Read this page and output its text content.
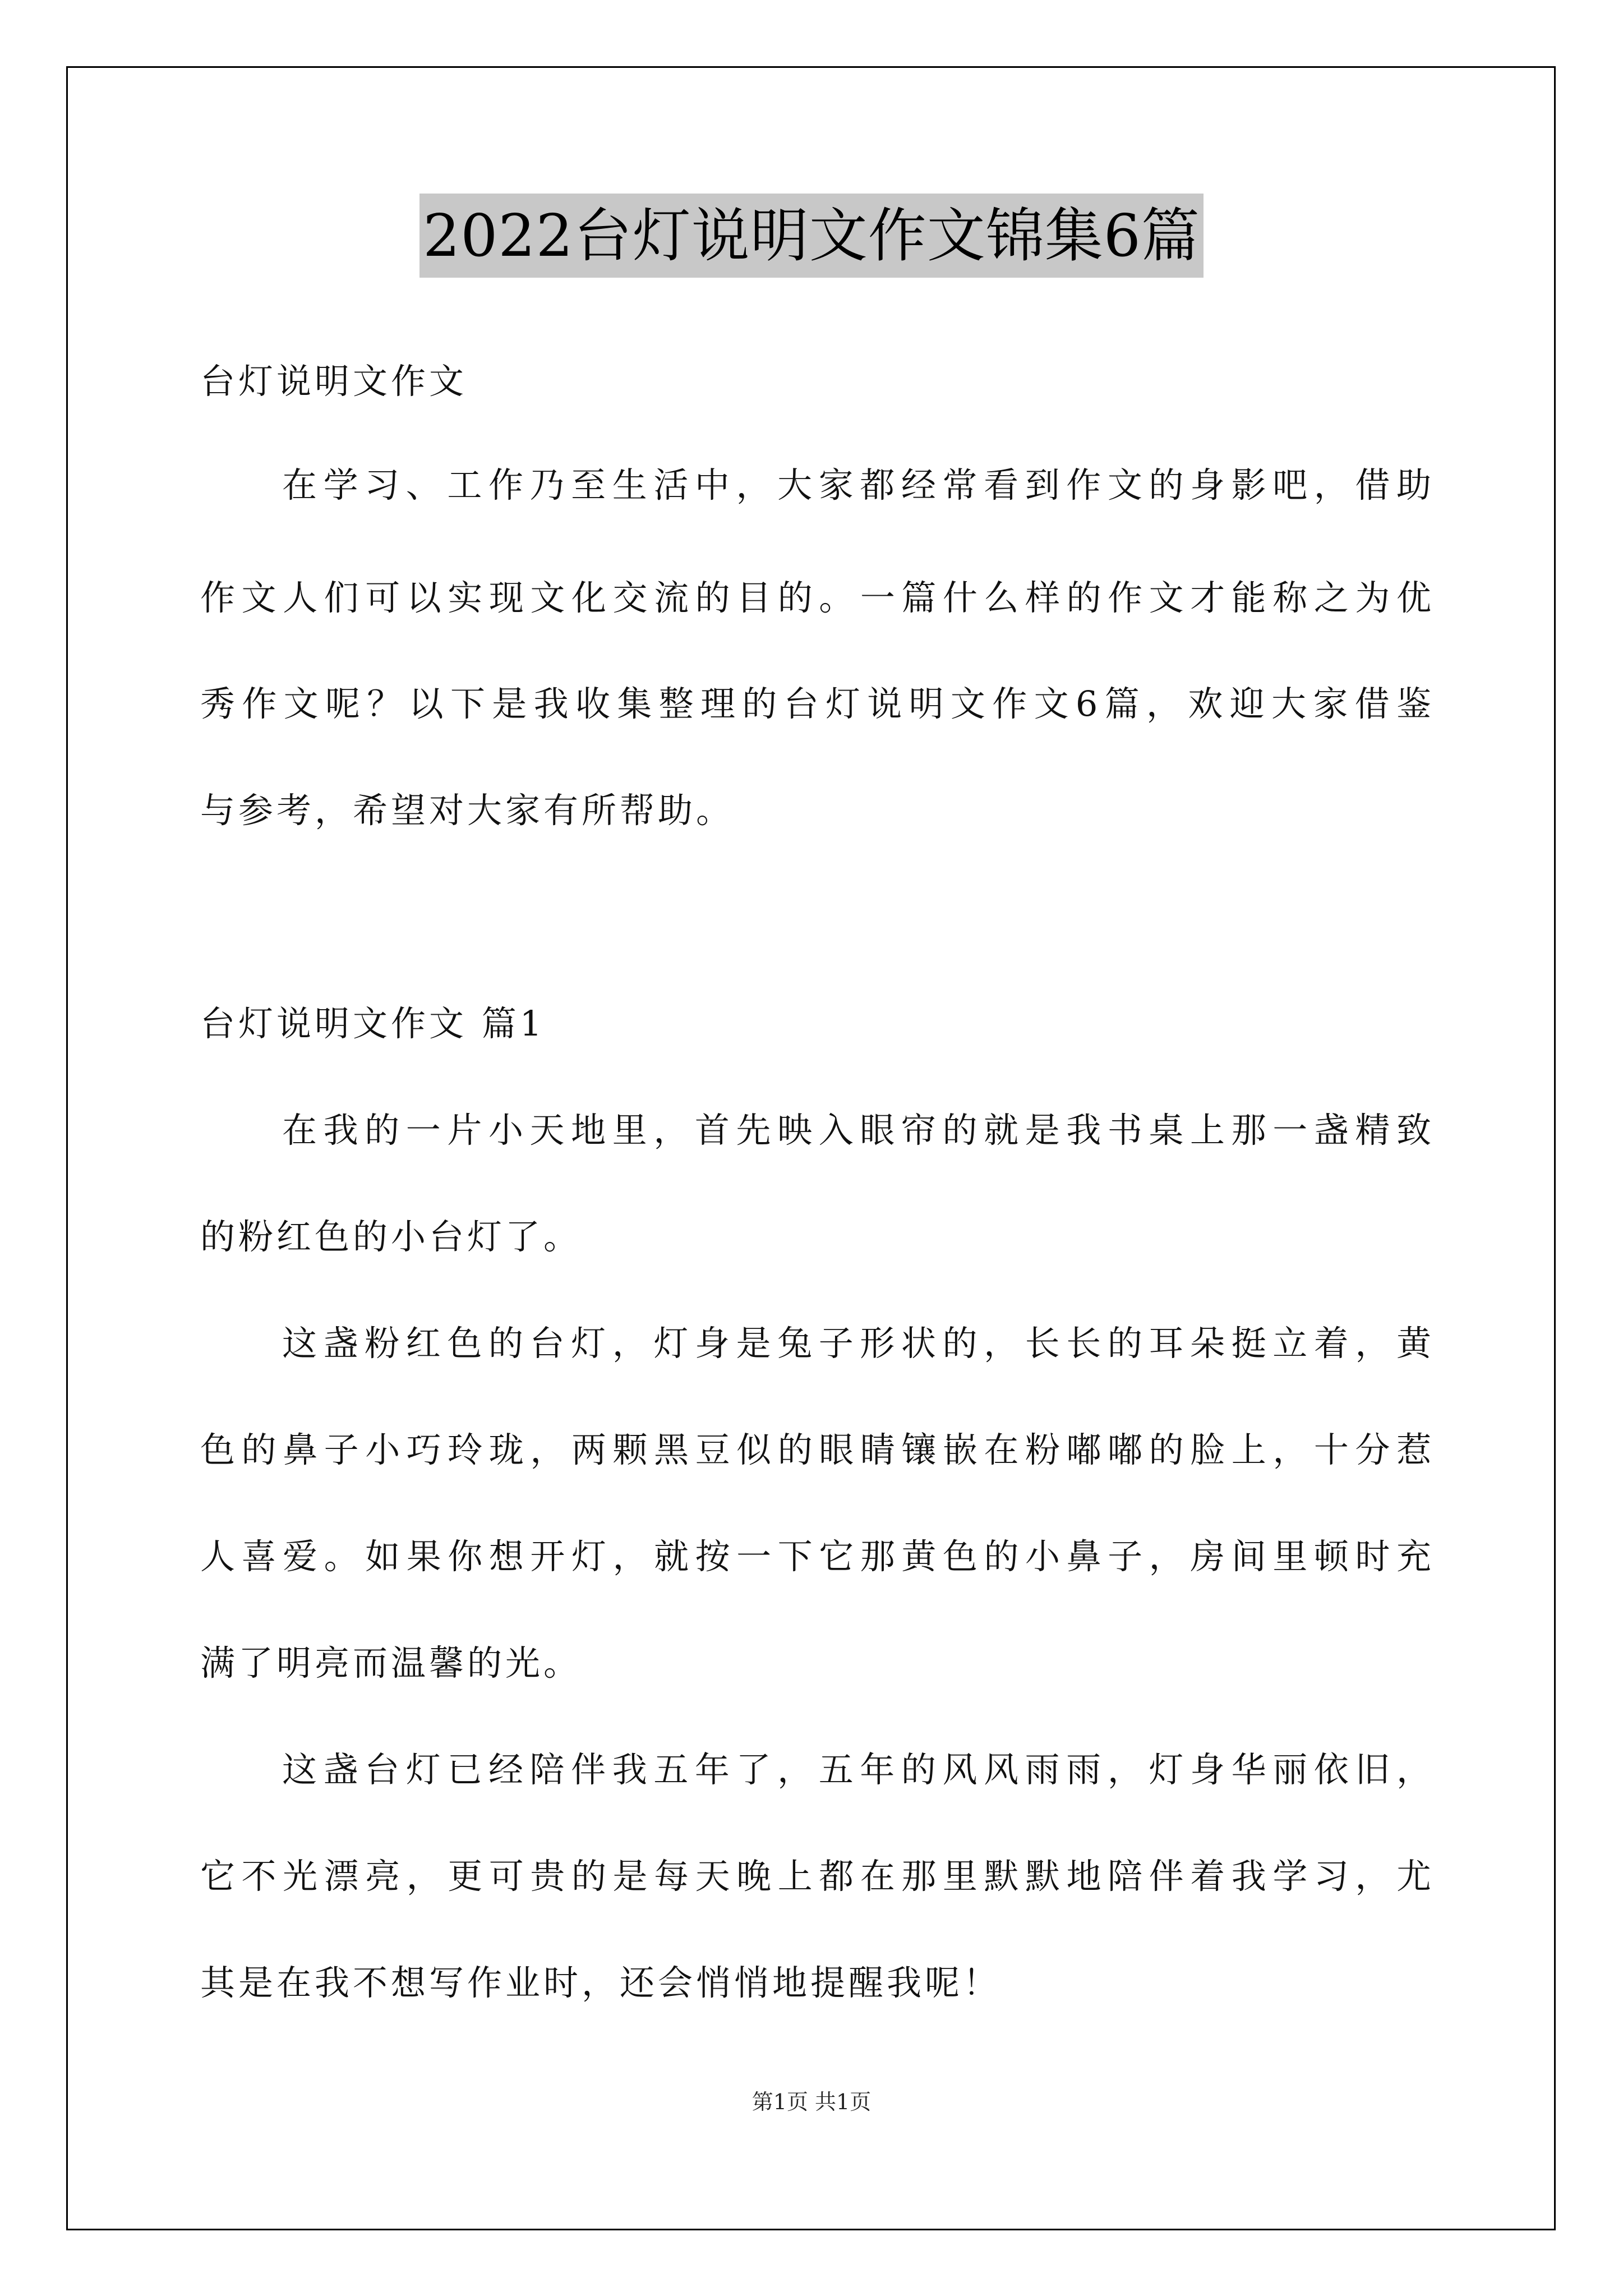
2022台灯说明文作文锦集6篇
台灯说明文作文
在学习、工作乃至生活中，大家都经常看到作文的身影吧，借助
作文人们可以实现文化交流的目的。一篇什么样的作文才能称之为优
秀作文呢？以下是我收集整理的台灯说明文作文6篇，欢迎大家借鉴
与参考，希望对大家有所帮助。
台灯说明文作文 篇1
在我的一片小天地里，首先映入眼帘的就是我书桌上那一盏精致
的粉红色的小台灯了。
这盏粉红色的台灯，灯身是兔子形状的，长长的耳朵挺立着，黄
色的鼻子小巧玲珑，两颗黑豆似的眼睛镶嵌在粉嘟嘟的脸上，十分惹
人喜爱。如果你想开灯，就按一下它那黄色的小鼻子，房间里顿时充
满了明亮而温馨的光。
这盏台灯已经陪伴我五年了，五年的风风雨雨，灯身华丽依旧，
它不光漂亮，更可贵的是每天晚上都在那里默默地陪伴着我学习，尤
其是在我不想写作业时，还会悄悄地提醒我呢！
第1页 共1页
